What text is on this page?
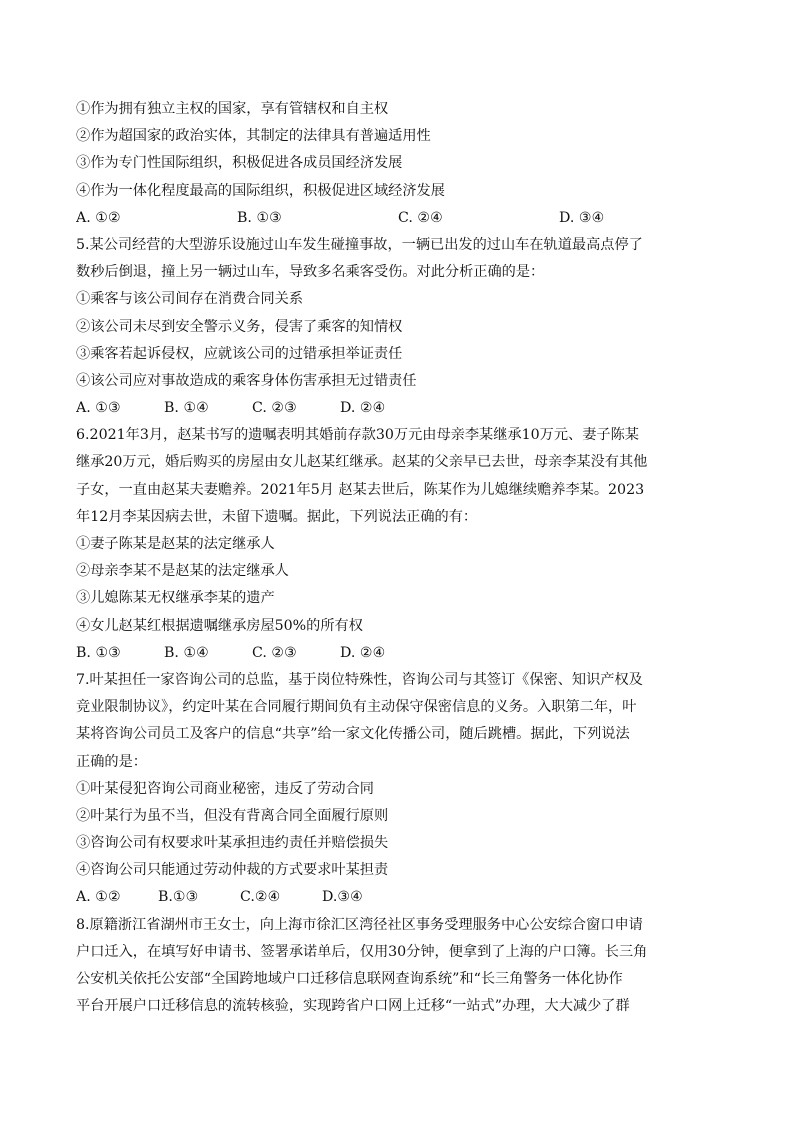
①作为拥有独立主权的国家，享有管辖权和自主权
②作为超国家的政治实体，其制定的法律具有普遍适用性
③作为专门性国际组织，积极促进各成员国经济发展
④作为一体化程度最高的国际组织，积极促进区域经济发展
A. ①②	B. ①③	C. ②④	D. ③④
5.某公司经营的大型游乐设施过山车发生碰撞事故，一辆已出发的过山车在轨道最高点停了
数秒后倒退，撞上另一辆过山车，导致多名乘客受伤。对此分析正确的是：
①乘客与该公司间存在消费合同关系
②该公司未尽到安全警示义务，侵害了乘客的知情权
③乘客若起诉侵权，应就该公司的过错承担举证责任
④该公司应对事故造成的乘客身体伤害承担无过错责任
A. ①③	B. ①④	C. ②③	D. ②④
6.2021年3月，赵某书写的遗嘱表明其婚前存款30万元由母亲李某继承10万元、妻子陈某
继承20万元，婚后购买的房屋由女儿赵某红继承。赵某的父亲早已去世，母亲李某没有其他
子女，一直由赵某夫妻赡养。2021年5月 赵某去世后，陈某作为儿媳继续赡养李某。2023
年12月李某因病去世，未留下遗嘱。据此，下列说法正确的有：
①妻子陈某是赵某的法定继承人
②母亲李某不是赵某的法定继承人
③儿媳陈某无权继承李某的遗产
④女儿赵某红根据遗嘱继承房屋50%的所有权
B. ①③	B. ①④	C. ②③	D. ②④
7.叶某担任一家咨询公司的总监，基于岗位特殊性，咨询公司与其签订《保密、知识产权及
竞业限制协议》，约定叶某在合同履行期间负有主动保守保密信息的义务。入职第二年，叶
某将咨询公司员工及客户的信息“共享”给一家文化传播公司，随后跳槽。据此，下列说法
正确的是：
①叶某侵犯咨询公司商业秘密，违反了劳动合同
②叶某行为虽不当，但没有背离合同全面履行原则
③咨询公司有权要求叶某承担违约责任并赔偿损失
④咨询公司只能通过劳动仲裁的方式要求叶某担责
A. ①②	B.①③	C.②④	D.③④
8.原籍浙江省湖州市王女士，向上海市徐汇区湾径社区事务受理服务中心公安综合窗口申请
户口迁入，在填写好申请书、签署承诺单后，仅用30分钟，便拿到了上海的户口簿。长三角
公安机关依托公安部“全国跨地域户口迁移信息联网查询系统”和“长三角警务一体化协作
平台开展户口迁移信息的流转核验，实现跨省户口网上迁移“一站式”办理，大大减少了群
